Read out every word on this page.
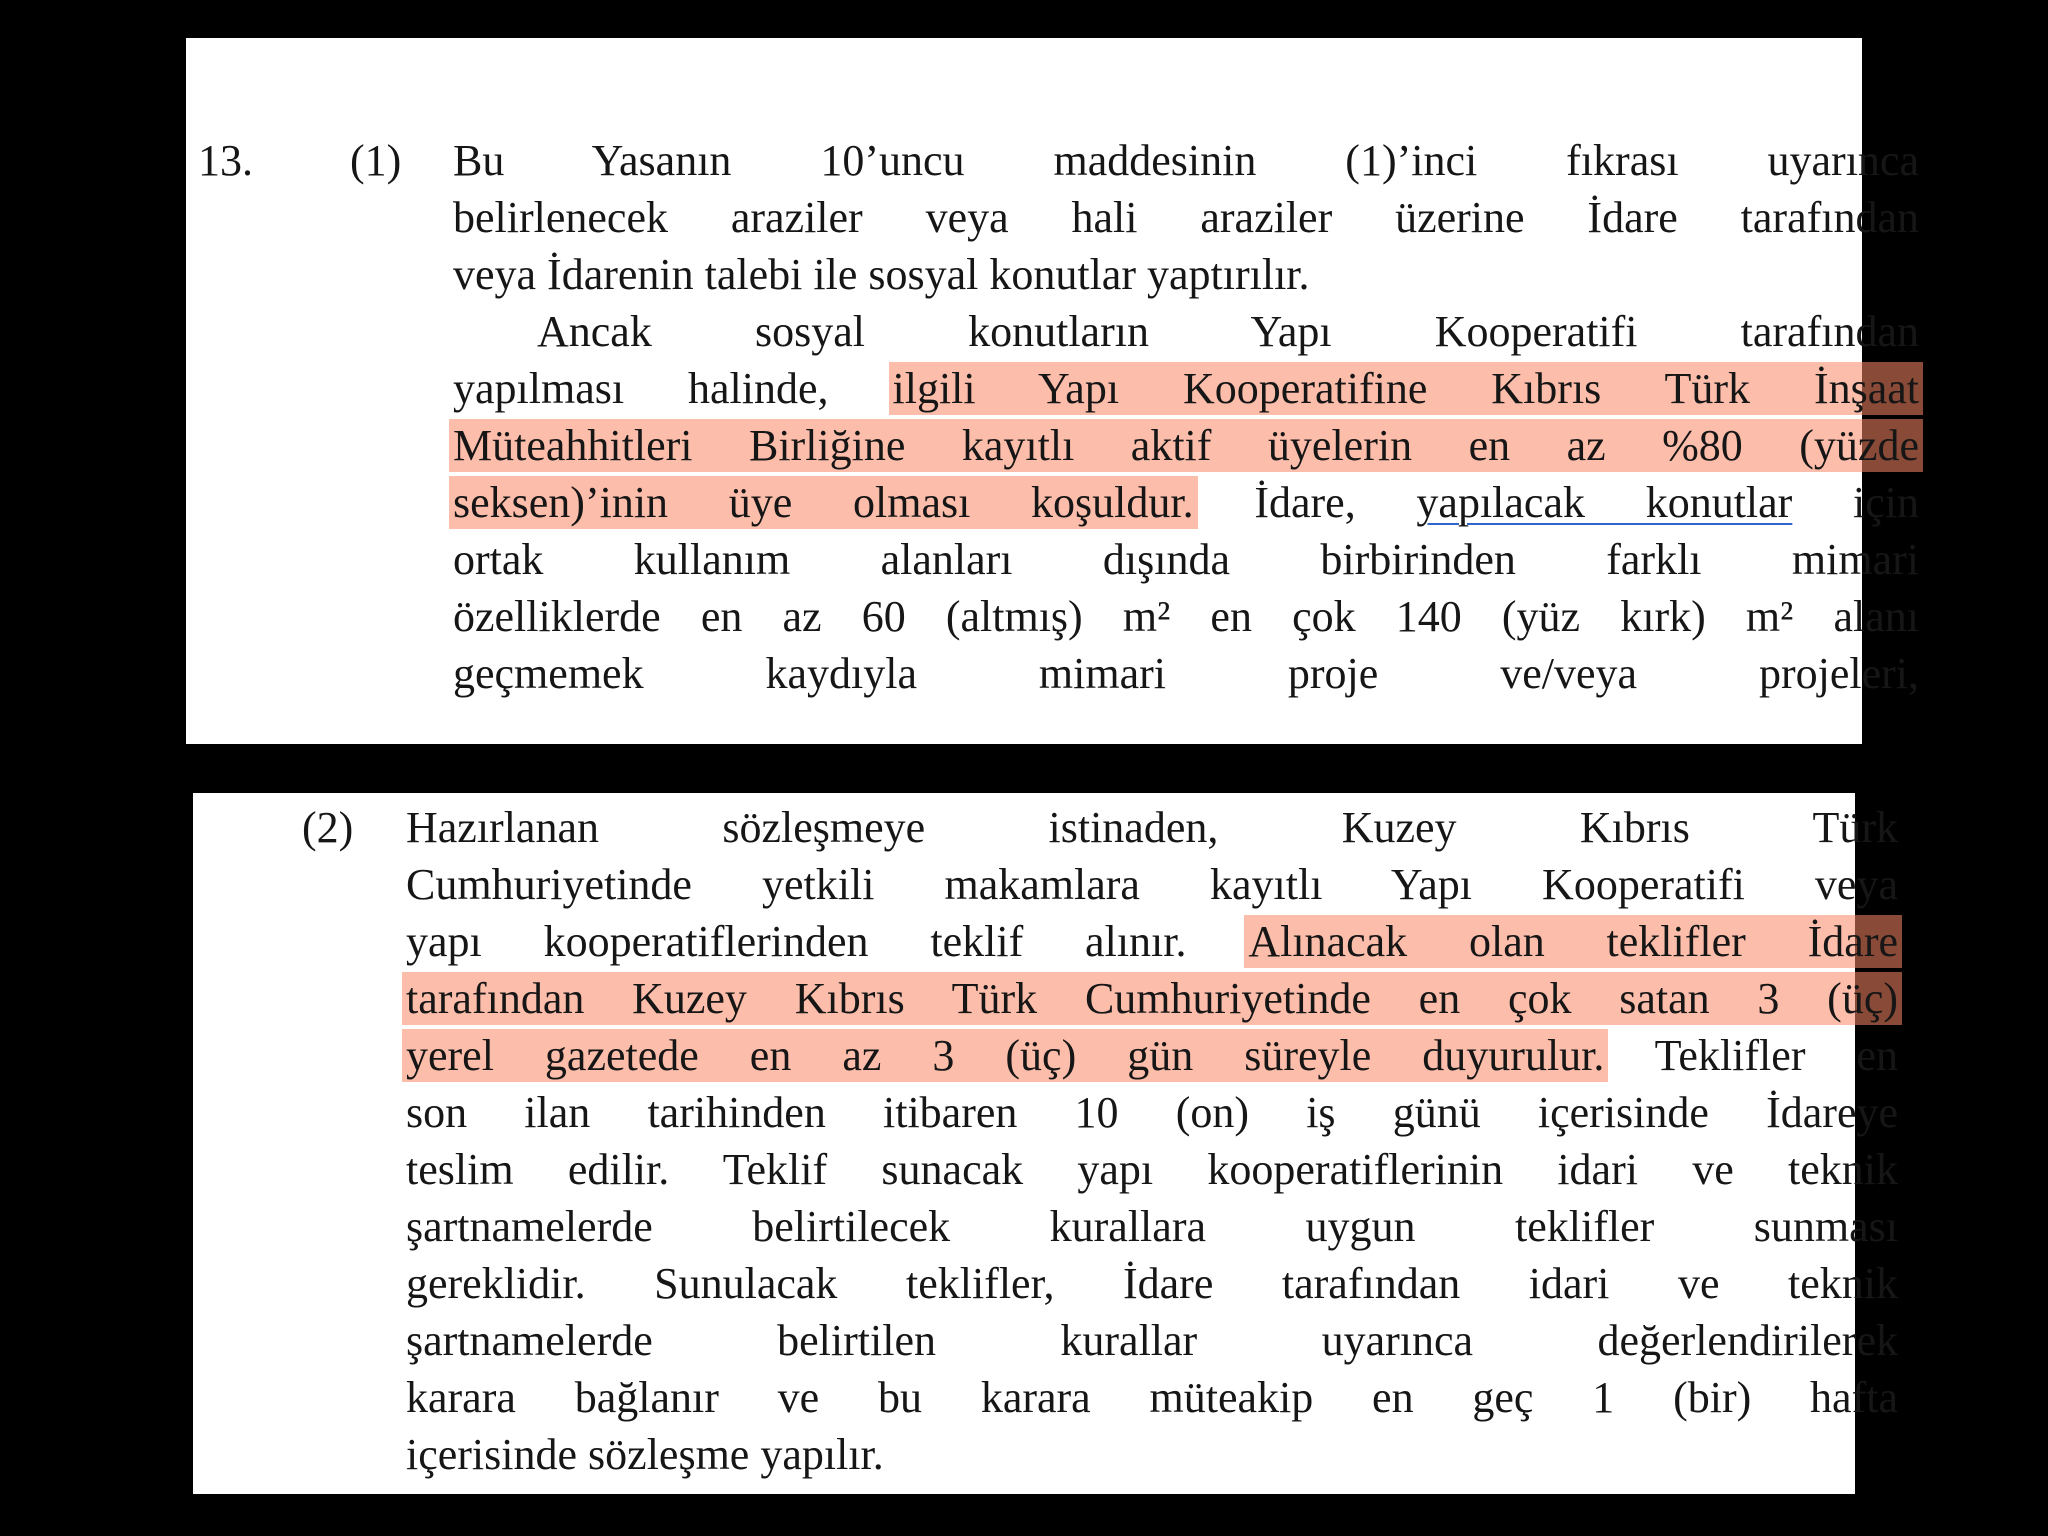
13. (1) Bu Yasanın 10’uncu maddesinin (1)’inci fıkrası uyarınca
belirlenecek araziler veya hali araziler üzerine İdare tarafından
veya İdarenin talebi ile sosyal konutlar yaptırılır.
Ancak sosyal konutların Yapı Kooperatifi tarafından
yapılması halinde, ilgili Yapı Kooperatifine Kıbrıs Türk İnşaat
Müteahhitleri Birliğine kayıtlı aktif üyelerin en az %80 (yüzde
seksen)’inin üye olması koşuldur. İdare, yapılacak konutlar için
ortak kullanım alanları dışında birbirinden farklı mimari
özelliklerde en az 60 (altmış) m² en çok 140 (yüz kırk) m² alanı
geçmemek kaydıyla mimari proje ve/veya projeleri,
(2) Hazırlanan sözleşmeye istinaden, Kuzey Kıbrıs Türk
Cumhuriyetinde yetkili makamlara kayıtlı Yapı Kooperatifi veya
yapı kooperatiflerinden teklif alınır. Alınacak olan teklifler İdare
tarafından Kuzey Kıbrıs Türk Cumhuriyetinde en çok satan 3 (üç)
yerel gazetede en az 3 (üç) gün süreyle duyurulur. Teklifler en
son ilan tarihinden itibaren 10 (on) iş günü içerisinde İdareye
teslim edilir. Teklif sunacak yapı kooperatiflerinin idari ve teknik
şartnamelerde belirtilecek kurallara uygun teklifler sunması
gereklidir. Sunulacak teklifler, İdare tarafından idari ve teknik
şartnamelerde belirtilen kurallar uyarınca değerlendirilerek
karara bağlanır ve bu karara müteakip en geç 1 (bir) hafta
içerisinde sözleşme yapılır.
